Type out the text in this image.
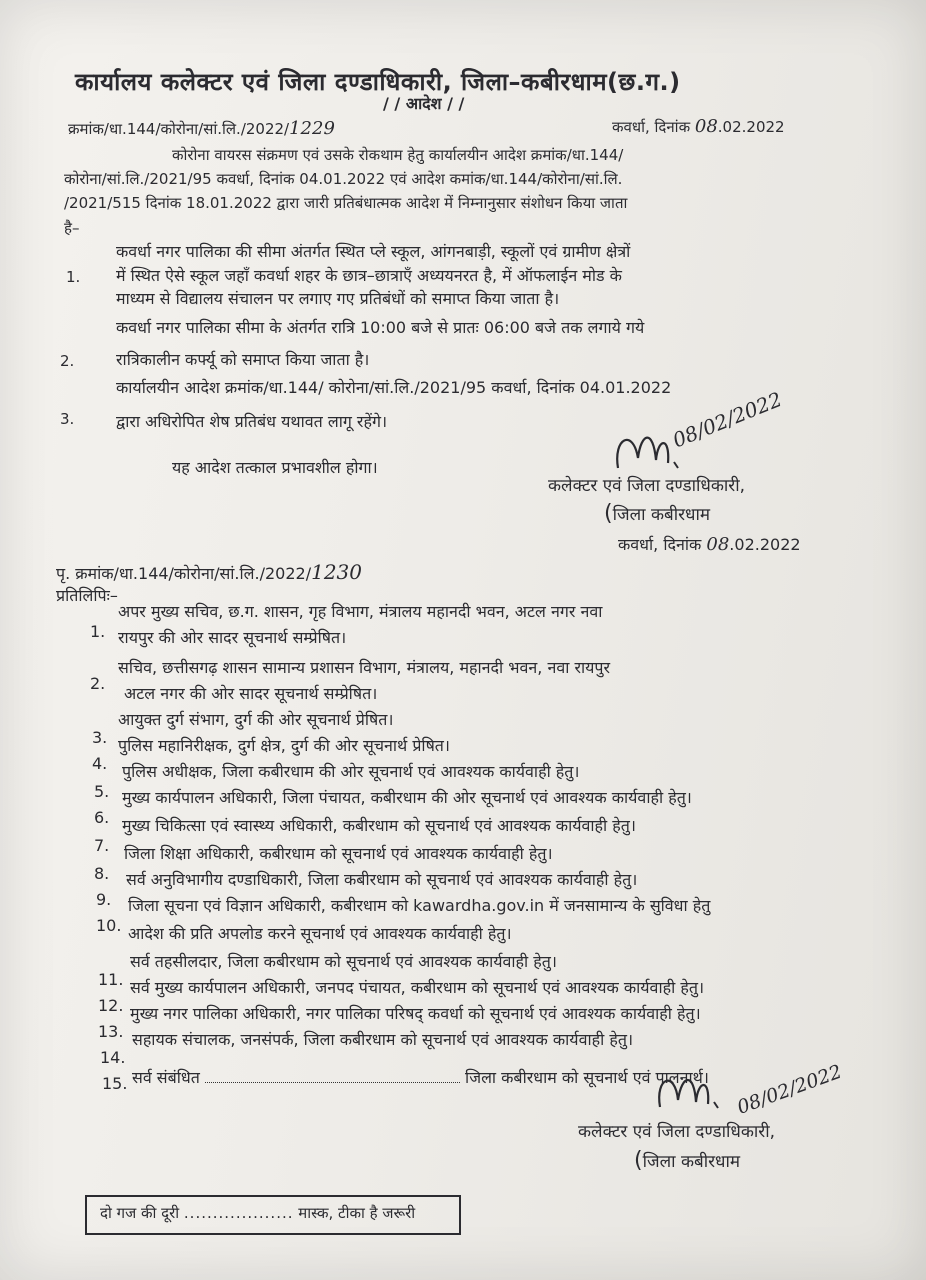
कार्यालय कलेक्टर एवं जिला दण्डाधिकारी, जिला–कबीरधाम(छ.ग.)
/ / आदेश / /
क्रमांक/धा.144/कोरोना/सां.लि./2022/1229	कवर्धा, दिनांक 08.02.2022
कोरोना वायरस संक्रमण एवं उसके रोकथाम हेतु कार्यालयीन आदेश क्रमांक/धा.144/
कोरोना/सां.लि./2021/95 कवर्धा, दिनांक 04.01.2022 एवं आदेश कमांक/धा.144/कोरोना/सां.लि.
/2021/515 दिनांक 18.01.2022 द्वारा जारी प्रतिबंधात्मक आदेश में निम्नानुसार संशोधन किया जाता
है–
1.
कवर्धा नगर पालिका की सीमा अंतर्गत स्थित प्ले स्कूल, आंगनबाड़ी, स्कूलों एवं ग्रामीण क्षेत्रों
में स्थित ऐसे स्कूल जहॉं कवर्धा शहर के छात्र–छात्राऍं अध्ययनरत है, में ऑफलाईन मोड के
माध्यम से विद्यालय संचालन पर लगाए गए प्रतिबंधों को समाप्त किया जाता है।
2.
कवर्धा नगर पालिका सीमा के अंतर्गत रात्रि 10:00 बजे से प्रातः 06:00 बजे तक लगाये गये
रात्रिकालीन कर्फ्यू को समाप्त किया जाता है।
3.
कार्यालयीन आदेश क्रमांक/धा.144/ कोरोना/सां.लि./2021/95 कवर्धा, दिनांक 04.01.2022
द्वारा अधिरोपित शेष प्रतिबंध यथावत लागू रहेंगे।
यह आदेश तत्काल प्रभावशील होगा।
08/02/2022
कलेक्टर एवं जिला दण्डाधिकारी,
(जिला कबीरधाम
कवर्धा, दिनांक 08.02.2022
पृ. क्रमांक/धा.144/कोरोना/सां.लि./2022/1230
प्रतिलिपिः–
1.
अपर मुख्य सचिव, छ.ग. शासन, गृह विभाग, मंत्रालय महानदी भवन, अटल नगर नवा
रायपुर की ओर सादर सूचनार्थ सम्प्रेषित।
2.
सचिव, छत्तीसगढ़ शासन सामान्य प्रशासन विभाग, मंत्रालय, महानदी भवन, नवा रायपुर
अटल नगर की ओर सादर सूचनार्थ सम्प्रेषित।
3.
आयुक्त दुर्ग संभाग, दुर्ग की ओर सूचनार्थ प्रेषित।
4.
पुलिस महानिरीक्षक, दुर्ग क्षेत्र, दुर्ग की ओर सूचनार्थ प्रेषित।
5.
पुलिस अधीक्षक, जिला कबीरधाम की ओर सूचनार्थ एवं आवश्यक कार्यवाही हेतु।
6.
मुख्य कार्यपालन अधिकारी, जिला पंचायत, कबीरधाम की ओर सूचनार्थ एवं आवश्यक कार्यवाही हेतु।
7.
मुख्य चिकित्सा एवं स्वास्थ्य अधिकारी, कबीरधाम को सूचनार्थ एवं आवश्यक कार्यवाही हेतु।
8.
जिला शिक्षा अधिकारी, कबीरधाम को सूचनार्थ एवं आवश्यक कार्यवाही हेतु।
9.
सर्व अनुविभागीय दण्डाधिकारी, जिला कबीरधाम को सूचनार्थ एवं आवश्यक कार्यवाही हेतु।
10.
जिला सूचना एवं विज्ञान अधिकारी, कबीरधाम को kawardha.gov.in में जनसामान्य के सुविधा हेतु
आदेश की प्रति अपलोड करने सूचनार्थ एवं आवश्यक कार्यवाही हेतु।
11.
सर्व तहसीलदार, जिला कबीरधाम को सूचनार्थ एवं आवश्यक कार्यवाही हेतु।
12.
सर्व मुख्य कार्यपालन अधिकारी, जनपद पंचायत, कबीरधाम को सूचनार्थ एवं आवश्यक कार्यवाही हेतु।
13.
मुख्य नगर पालिका अधिकारी, नगर पालिका परिषद् कवर्धा को सूचनार्थ एवं आवश्यक कार्यवाही हेतु।
14.
सहायक संचालक, जनसंपर्क, जिला कबीरधाम को सूचनार्थ एवं आवश्यक कार्यवाही हेतु।
15. सर्व संबंधित	जिला कबीरधाम को सूचनार्थ एवं पालनार्थ। 08/02/2022
कलेक्टर एवं जिला दण्डाधिकारी,
(जिला कबीरधाम
दो गज की दूरी ................... मास्क, टीका है जरूरी
